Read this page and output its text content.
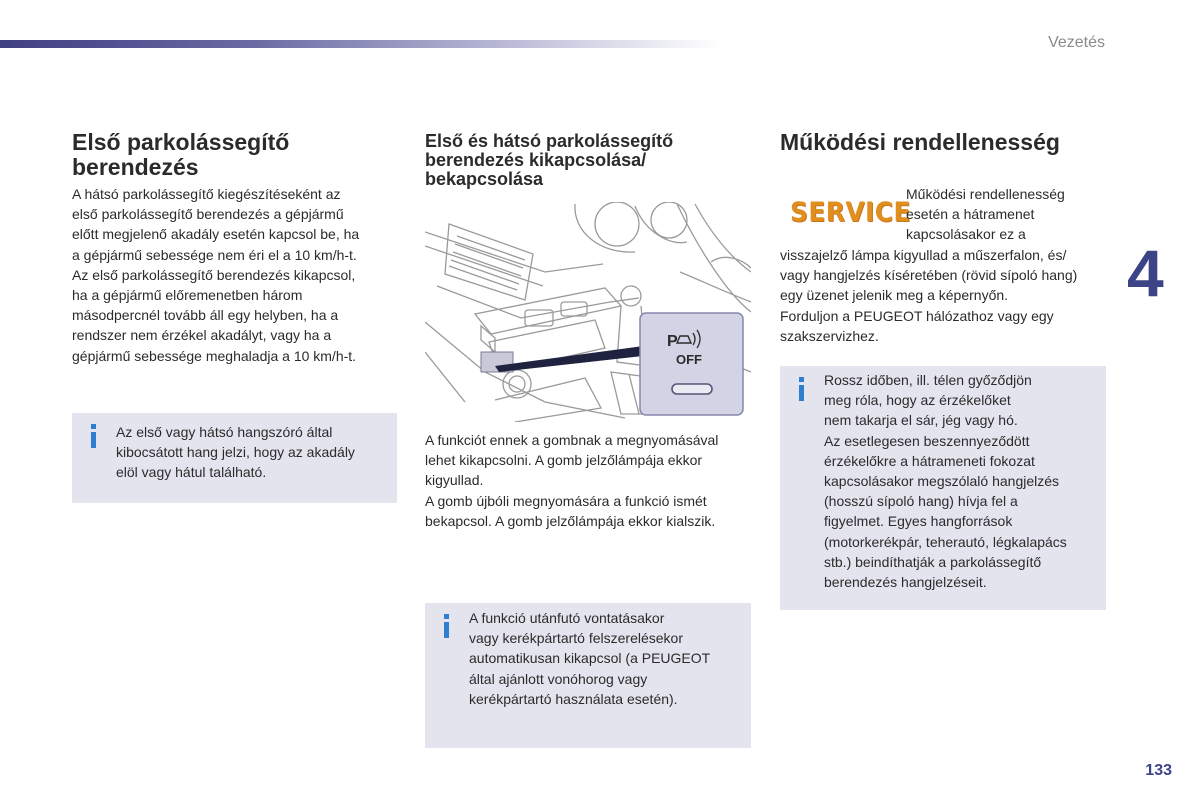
Vezetés
4
133
Első parkolássegítő
berendezés
A hátsó parkolássegítő kiegészítéseként az
első parkolássegítő berendezés a gépjármű
előtt megjelenő akadály esetén kapcsol be, ha
a gépjármű sebessége nem éri el a 10 km/h-t.
Az első parkolássegítő berendezés kikapcsol,
ha a gépjármű előremenetben három
másodpercnél tovább áll egy helyben, ha a
rendszer nem érzékel akadályt, vagy ha a
gépjármű sebessége meghaladja a 10 km/h-t.
Az első vagy hátsó hangszóró által
kibocsátott hang jelzi, hogy az akadály
elöl vagy hátul található.
Első és hátsó parkolássegítő
berendezés kikapcsolása/
bekapcsolása
P
OFF
A funkciót ennek a gombnak a megnyomásával
lehet kikapcsolni. A gomb jelzőlámpája ekkor
kigyullad.
A gomb újbóli megnyomására a funkció ismét
bekapcsol. A gomb jelzőlámpája ekkor kialszik.
A funkció utánfutó vontatásakor
vagy kerékpártartó felszerelésekor
automatikusan kikapcsol (a PEUGEOT
által ajánlott vonóhorog vagy
kerékpártartó használata esetén).
Működési rendellenesség
SERVICE
Működési rendellenesség
esetén a hátramenet
kapcsolásakor ez a
visszajelző lámpa kigyullad a műszerfalon, és/
vagy hangjelzés kíséretében (rövid sípoló hang)
egy üzenet jelenik meg a képernyőn.
Forduljon a PEUGEOT hálózathoz vagy egy
szakszervizhez.
Rossz időben, ill. télen győződjön
meg róla, hogy az érzékelőket
nem takarja el sár, jég vagy hó.
Az esetlegesen beszennyeződött
érzékelőkre a hátrameneti fokozat
kapcsolásakor megszólaló hangjelzés
(hosszú sípoló hang) hívja fel a
figyelmet. Egyes hangforrások
(motorkerékpár, teherautó, légkalapács
stb.) beindíthatják a parkolássegítő
berendezés hangjelzéseit.
